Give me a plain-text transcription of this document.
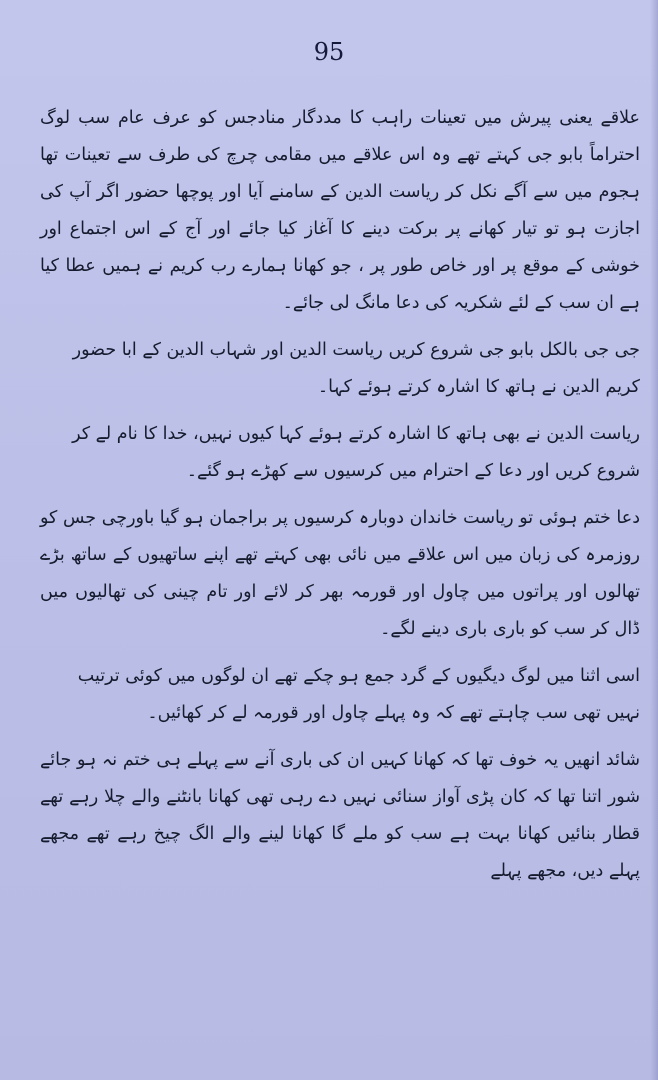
95

علاقے یعنی پیرش میں تعینات راہب کا مددگار منادجس کو عرف عام سب لوگ احتراماً بابو جی کہتے تھے وہ اس علاقے میں مقامی چرچ کی طرف سے تعینات تھا ہجوم میں سے آگے نکل کر ریاست الدین کے سامنے آیا اور پوچھا حضور اگر آپ کی اجازت ہو تو تیار کھانے پر برکت دینے کا آغاز کیا جائے اور آج کے اس اجتماع اور خوشی کے موقع پر اور خاص طور پر ، جو کھانا ہمارے رب کریم نے ہمیں عطا کیا ہے ان سب کے لئے شکریہ کی دعا مانگ لی جائے۔

جی جی بالکل بابو جی شروع کریں ریاست الدین اور شہاب الدین کے ابا حضور کریم الدین نے ہاتھ کا اشارہ کرتے ہوئے کہا۔

ریاست الدین نے بھی ہاتھ کا اشارہ کرتے ہوئے کہا کیوں نہیں، خدا کا نام لے کر شروع کریں اور دعا کے احترام میں کرسیوں سے کھڑے ہو گئے۔

دعا ختم ہوئی تو ریاست خاندان دوبارہ کرسیوں پر براجمان ہو گیا باورچی جس کو روزمرہ کی زبان میں اس علاقے میں نائی بھی کہتے تھے اپنے ساتھیوں کے ساتھ بڑے تھالوں اور پراتوں میں چاول اور قورمہ بھر کر لائے اور تام چینی کی تھالیوں میں ڈال کر سب کو باری باری دینے لگے۔

اسی اثنا میں لوگ دیگیوں کے گرد جمع ہو چکے تھے ان لوگوں میں کوئی ترتیب نہیں تھی سب چاہتے تھے کہ وہ پہلے چاول اور قورمہ لے کر کھائیں۔

شائد انھیں یہ خوف تھا کہ کھانا کہیں ان کی باری آنے سے پہلے ہی ختم نہ ہو جائے شور اتنا تھا کہ کان پڑی آواز سنائی نہیں دے رہی تھی کھانا بانٹنے والے چلا رہے تھے قطار بنائیں کھانا بہت ہے سب کو ملے گا کھانا لینے والے الگ چیخ رہے تھے مجھے پہلے دیں، مجھے پہلے
